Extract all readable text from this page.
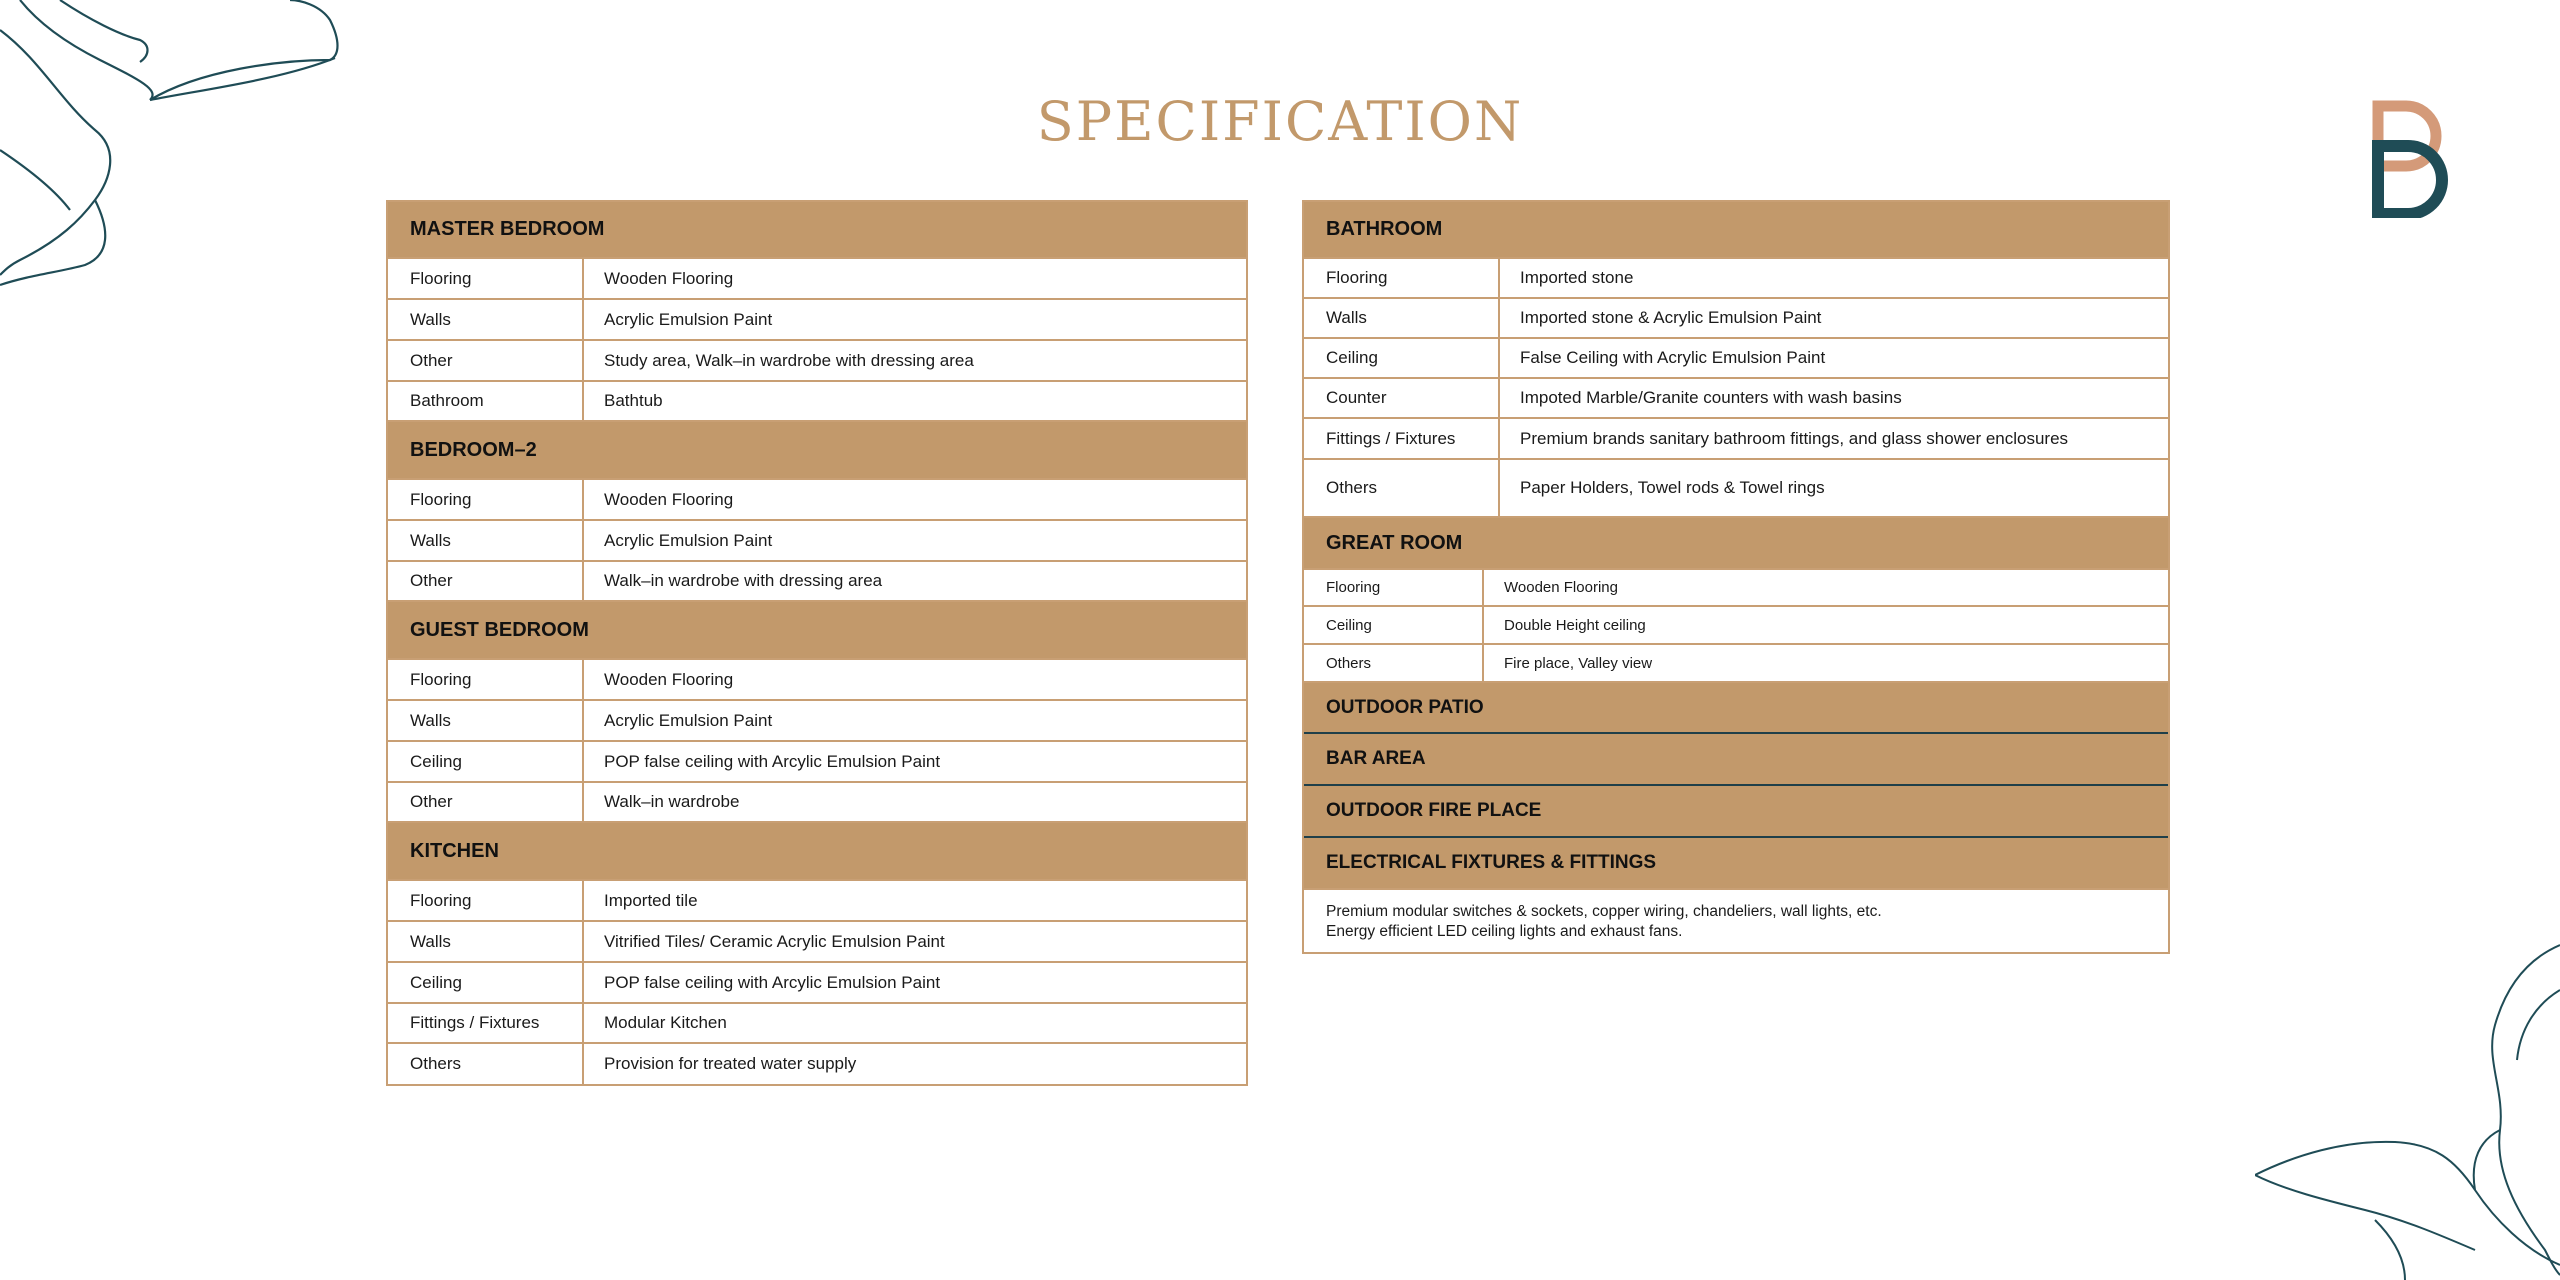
SPECIFICATION
MASTER BEDROOM
Flooring	Wooden Flooring
Walls	Acrylic Emulsion Paint
Other	Study area, Walk–in wardrobe with dressing area
Bathroom	Bathtub
BEDROOM–2
Flooring	Wooden Flooring
Walls	Acrylic Emulsion Paint
Other	Walk–in wardrobe with dressing area
GUEST BEDROOM
Flooring	Wooden Flooring
Walls	Acrylic Emulsion Paint
Ceiling	POP false ceiling with Arcylic Emulsion Paint
Other	Walk–in wardrobe
KITCHEN
Flooring	Imported tile
Walls	Vitrified Tiles/ Ceramic Acrylic Emulsion Paint
Ceiling	POP false ceiling with Arcylic Emulsion Paint
Fittings / Fixtures	Modular Kitchen
Others	Provision for treated water supply
BATHROOM
Flooring	Imported stone
Walls	Imported stone & Acrylic Emulsion Paint
Ceiling	False Ceiling with Acrylic Emulsion Paint
Counter	Impoted Marble/Granite counters with wash basins
Fittings / Fixtures	Premium brands sanitary bathroom fittings, and glass shower enclosures
Others	Paper Holders, Towel rods & Towel rings
GREAT ROOM
Flooring	Wooden Flooring
Ceiling	Double Height ceiling
Others	Fire place, Valley view
OUTDOOR PATIO
BAR AREA
OUTDOOR FIRE PLACE
ELECTRICAL FIXTURES & FITTINGS
Premium modular switches & sockets, copper wiring, chandeliers, wall lights, etc.
Energy efficient LED ceiling lights and exhaust fans.
